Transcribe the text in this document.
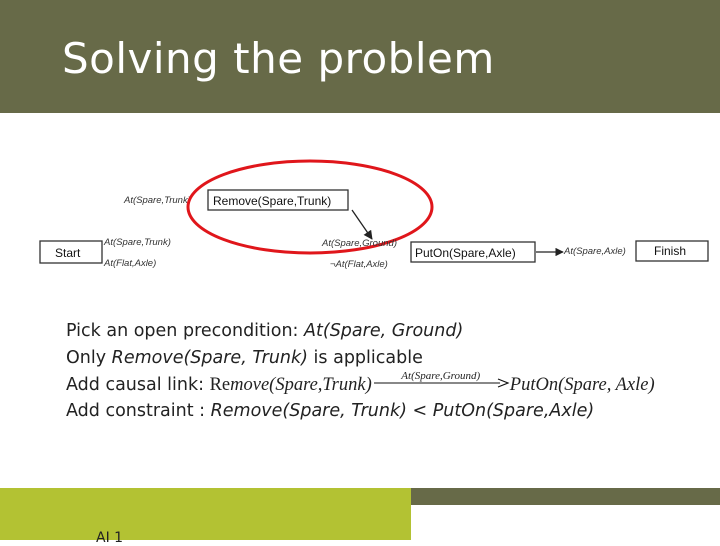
Solving the problem
Start
At(Spare,Trunk)
At(Flat,Axle)
At(Spare,Trunk) Remove(Spare,Trunk)
At(Spare,Ground)
¬At(Flat,Axle)
PutOn(Spare,Axle)	At(Spare,Axle) Finish
Pick an open precondition: At(Spare, Ground)
Only Remove(Spare, Trunk) is applicable
Add causal link: Remove(Spare,Trunk)	At(Spare,Ground)	PutOn(Spare, Axle)
Add constraint : Remove(Spare, Trunk) < PutOn(Spare,Axle)
AI 1
